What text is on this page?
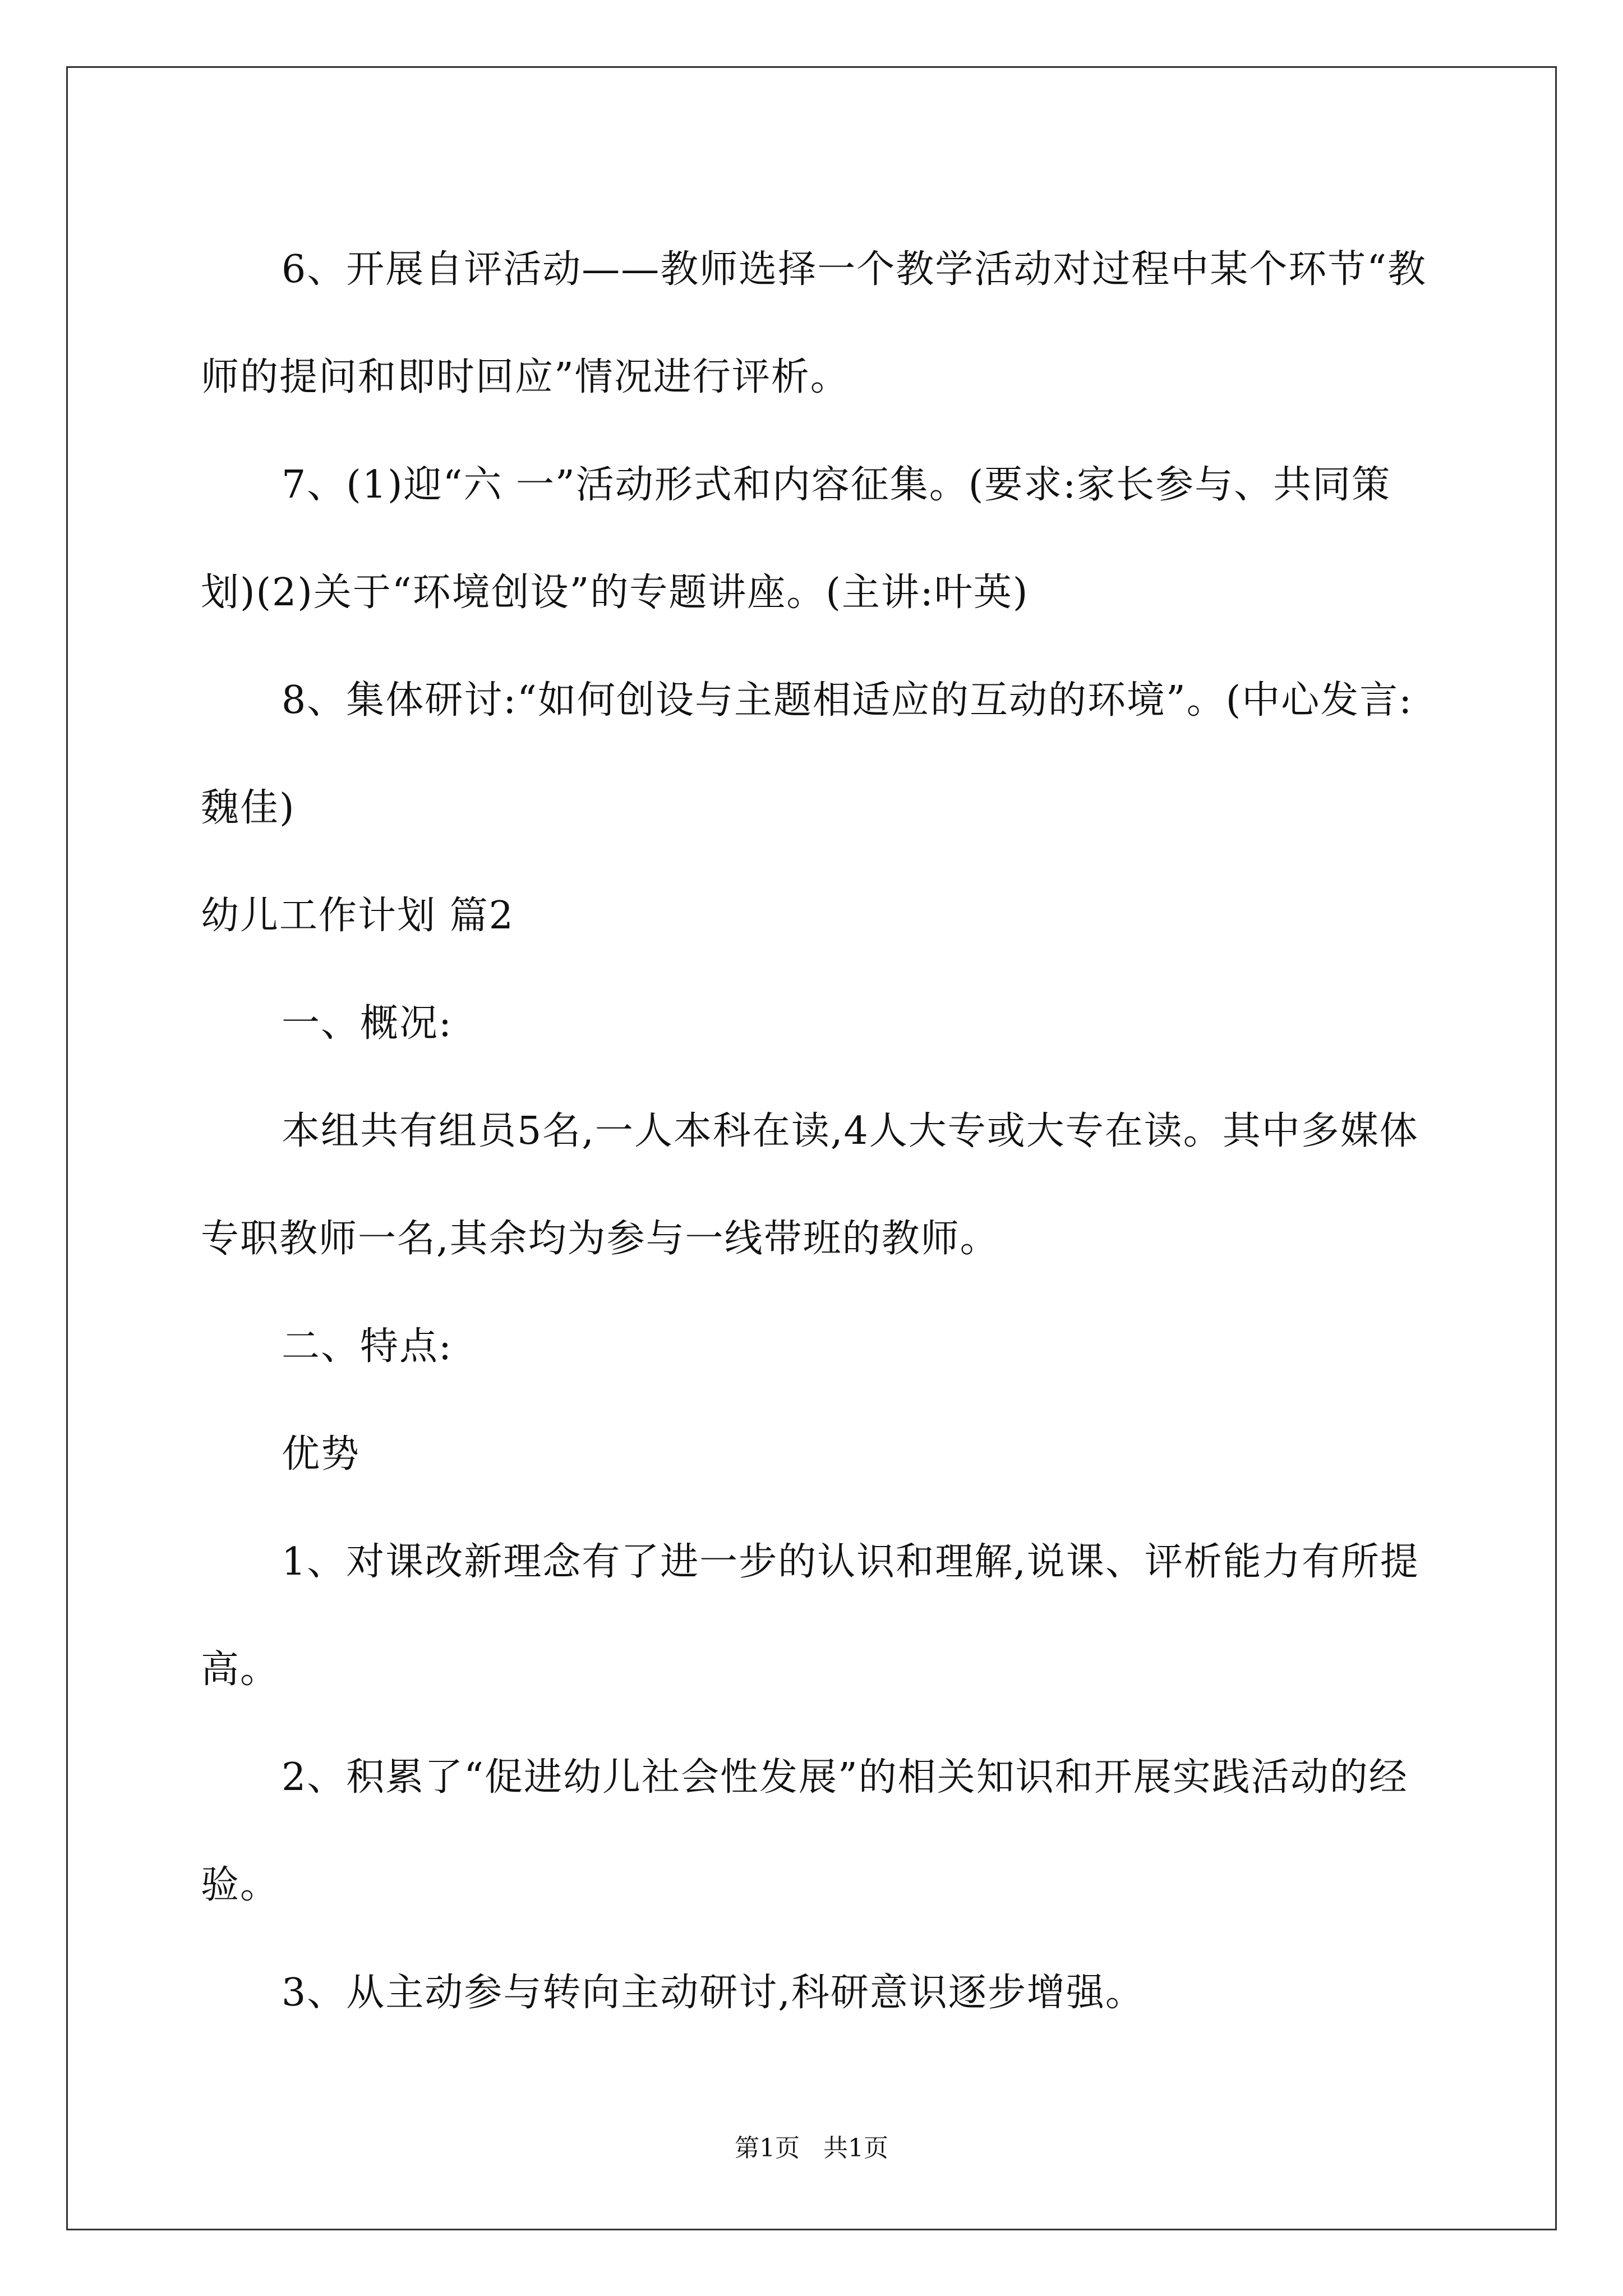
6、开展自评活动——教师选择一个教学活动对过程中某个环节“教师的提问和即时回应”情况进行评析。

7、(1)迎“六 一”活动形式和内容征集。(要求:家长参与、共同策划)(2)关于“环境创设”的专题讲座。(主讲:叶英)

8、集体研讨:“如何创设与主题相适应的互动的环境”。(中心发言:魏佳)

幼儿工作计划 篇2

一、概况:

本组共有组员5名,一人本科在读,4人大专或大专在读。其中多媒体专职教师一名,其余均为参与一线带班的教师。

二、特点:

优势

1、对课改新理念有了进一步的认识和理解,说课、评析能力有所提高。

2、积累了“促进幼儿社会性发展”的相关知识和开展实践活动的经验。

3、从主动参与转向主动研讨,科研意识逐步增强。

第1页 共1页
